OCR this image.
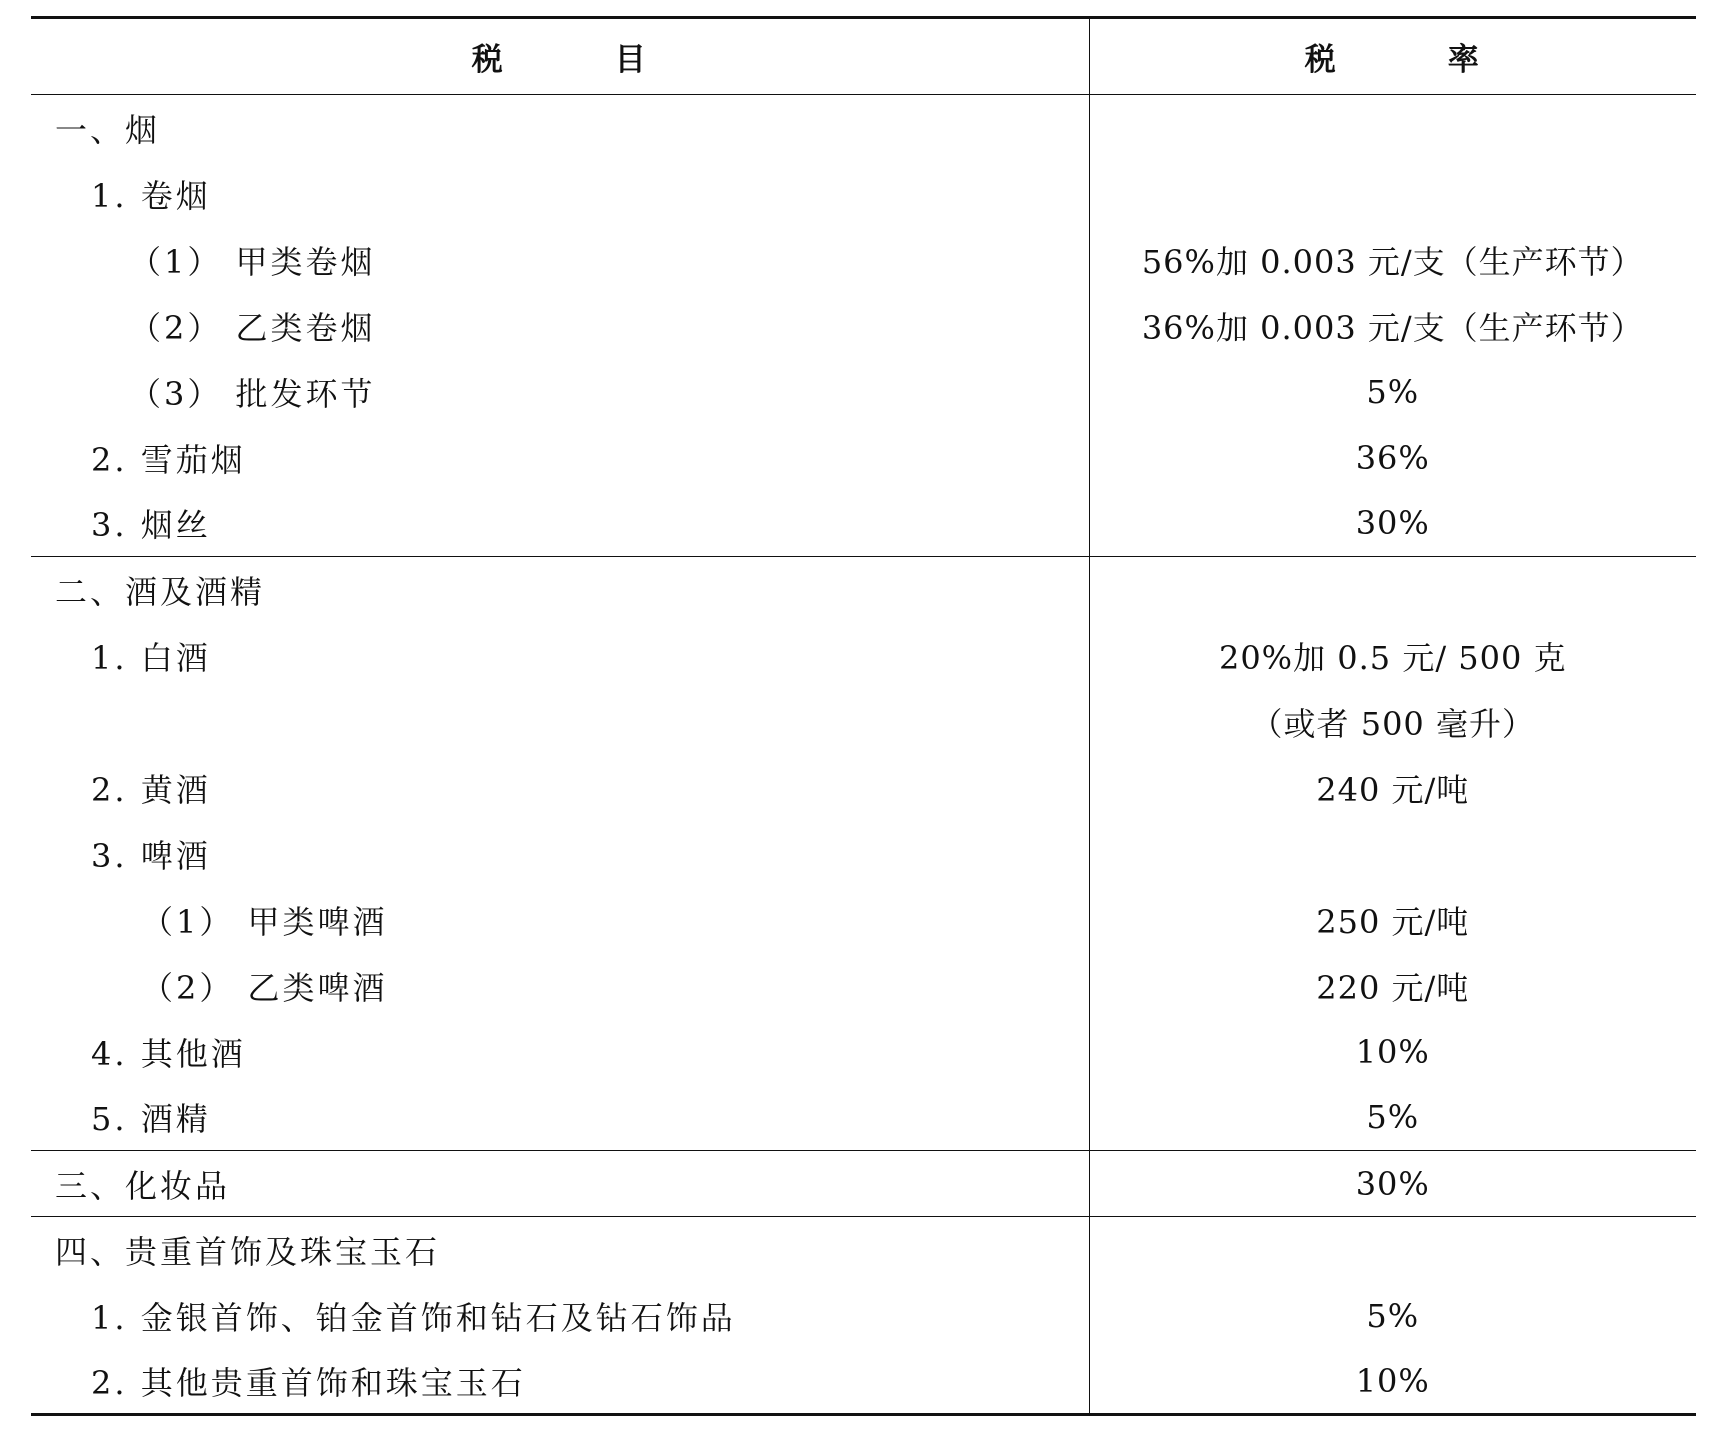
税 目	税 率
一、烟	
1. 卷烟	
（1） 甲类卷烟	56%加 0.003 元/支（生产环节）
（2） 乙类卷烟	36%加 0.003 元/支（生产环节）
（3） 批发环节	5%
2. 雪茄烟	36%
3. 烟丝	30%
二、酒及酒精	
1. 白酒	20%加 0.5 元/ 500 克
	（或者 500 毫升）
2. 黄酒	240 元/吨
3. 啤酒	
（1） 甲类啤酒	250 元/吨
（2） 乙类啤酒	220 元/吨
4. 其他酒	10%
5. 酒精	5%
三、化妆品	30%
四、贵重首饰及珠宝玉石	
1. 金银首饰、铂金首饰和钻石及钻石饰品	5%
2. 其他贵重首饰和珠宝玉石	10%
